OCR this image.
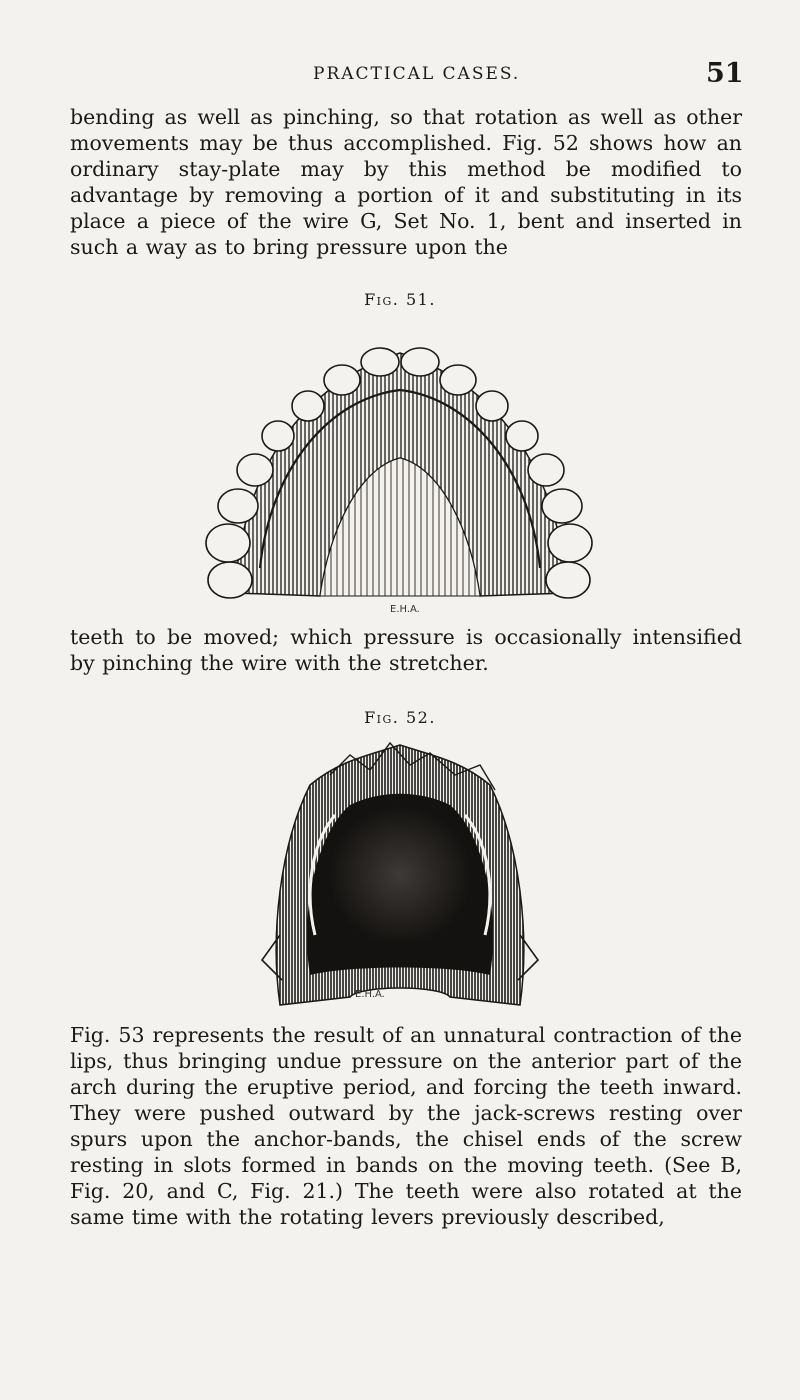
PRACTICAL CASES.	51

bending as well as pinching, so that rotation as well as other movements may be thus accomplished. Fig. 52 shows how an ordinary stay-plate may by this method be modified to advantage by removing a portion of it and substituting in its place a piece of the wire G, Set No. 1, bent and inserted in such a way as to bring pressure upon the

Fig. 51.
E.H.A.

teeth to be moved; which pressure is occasionally intensified by pinching the wire with the stretcher.

Fig. 52.
E.H.A.

Fig. 53 represents the result of an unnatural contraction of the lips, thus bringing undue pressure on the anterior part of the arch during the eruptive period, and forcing the teeth inward. They were pushed outward by the jack-screws resting over spurs upon the anchor-bands, the chisel ends of the screw resting in slots formed in bands on the moving teeth. (See B, Fig. 20, and C, Fig. 21.) The teeth were also rotated at the same time with the rotating levers previously described,
